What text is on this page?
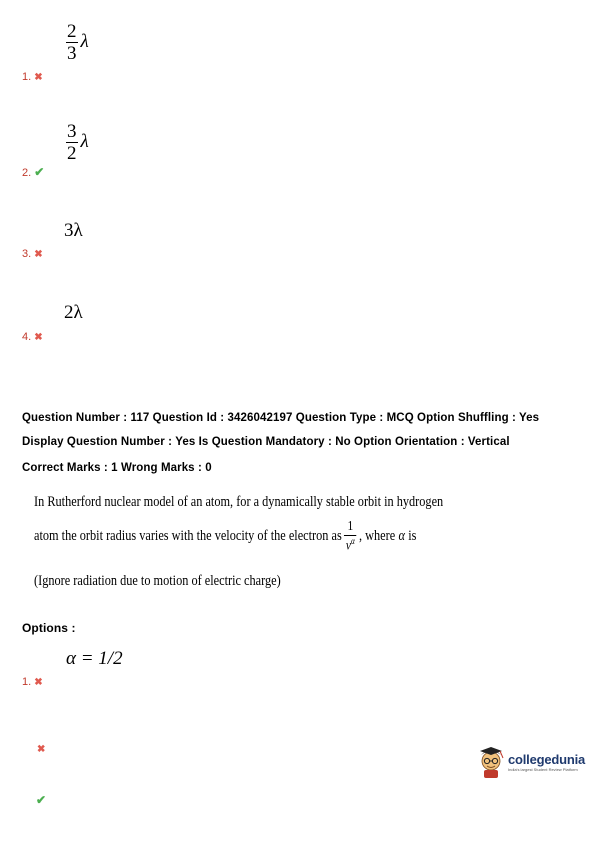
$\frac{2}{3}$ λ
1. ✖
$\frac{3}{2}$ λ
2. ✔
3λ
3. ✖
2λ
4. ✖
Question Number : 117 Question Id : 3426042197 Question Type : MCQ Option Shuffling : Yes
Display Question Number : Yes Is Question Mandatory : No Option Orientation : Vertical
Correct Marks : 1 Wrong Marks : 0
In Rutherford nuclear model of an atom, for a dynamically stable orbit in hydrogen
atom the orbit radius varies with the velocity of the electron as $\frac{1}{v^\alpha}$ , where α is
(Ignore radiation due to motion of electric charge)
Options :
α = 1/2
1. ✖
✖
✔
collegedunia
India's largest Student Review Platform
